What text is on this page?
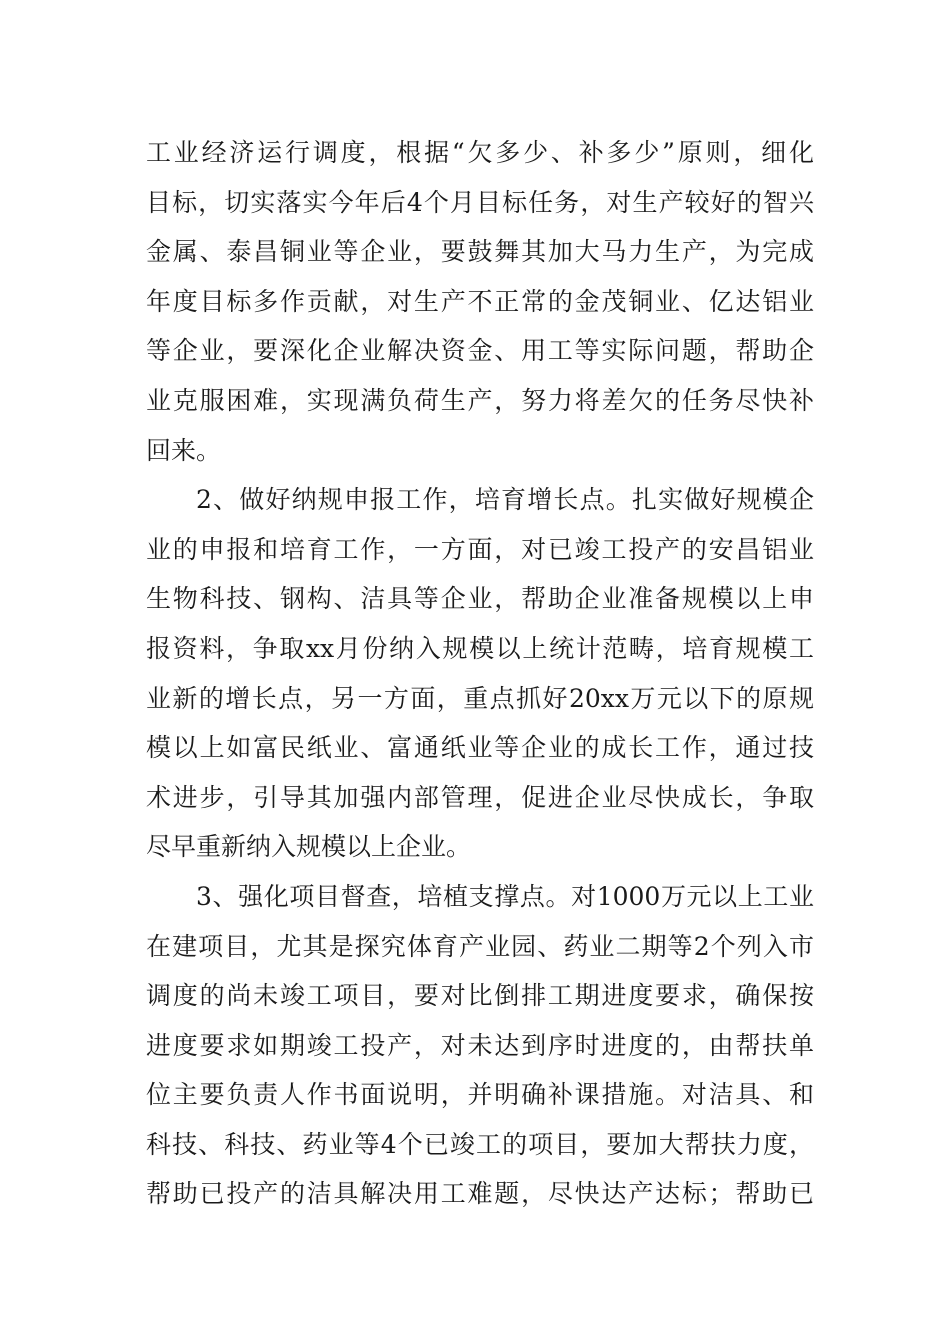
工业经济运行调度，根据“欠多少、补多少”原则，细化
目标，切实落实今年后4个月目标任务，对生产较好的智兴
金属、泰昌铜业等企业，要鼓舞其加大马力生产，为完成
年度目标多作贡献，对生产不正常的金茂铜业、亿达铝业
等企业，要深化企业解决资金、用工等实际问题，帮助企
业克服困难，实现满负荷生产，努力将差欠的任务尽快补
回来。
2、做好纳规申报工作，培育增长点。扎实做好规模企
业的申报和培育工作，一方面，对已竣工投产的安昌铝业
生物科技、钢构、洁具等企业，帮助企业准备规模以上申
报资料，争取xx月份纳入规模以上统计范畴，培育规模工
业新的增长点，另一方面，重点抓好20xx万元以下的原规
模以上如富民纸业、富通纸业等企业的成长工作，通过技
术进步，引导其加强内部管理，促进企业尽快成长，争取
尽早重新纳入规模以上企业。
3、强化项目督查，培植支撑点。对1000万元以上工业
在建项目，尤其是探究体育产业园、药业二期等2个列入市
调度的尚未竣工项目，要对比倒排工期进度要求，确保按
进度要求如期竣工投产，对未达到序时进度的，由帮扶单
位主要负责人作书面说明，并明确补课措施。对洁具、和
科技、科技、药业等4个已竣工的项目，要加大帮扶力度，
帮助已投产的洁具解决用工难题，尽快达产达标；帮助已
